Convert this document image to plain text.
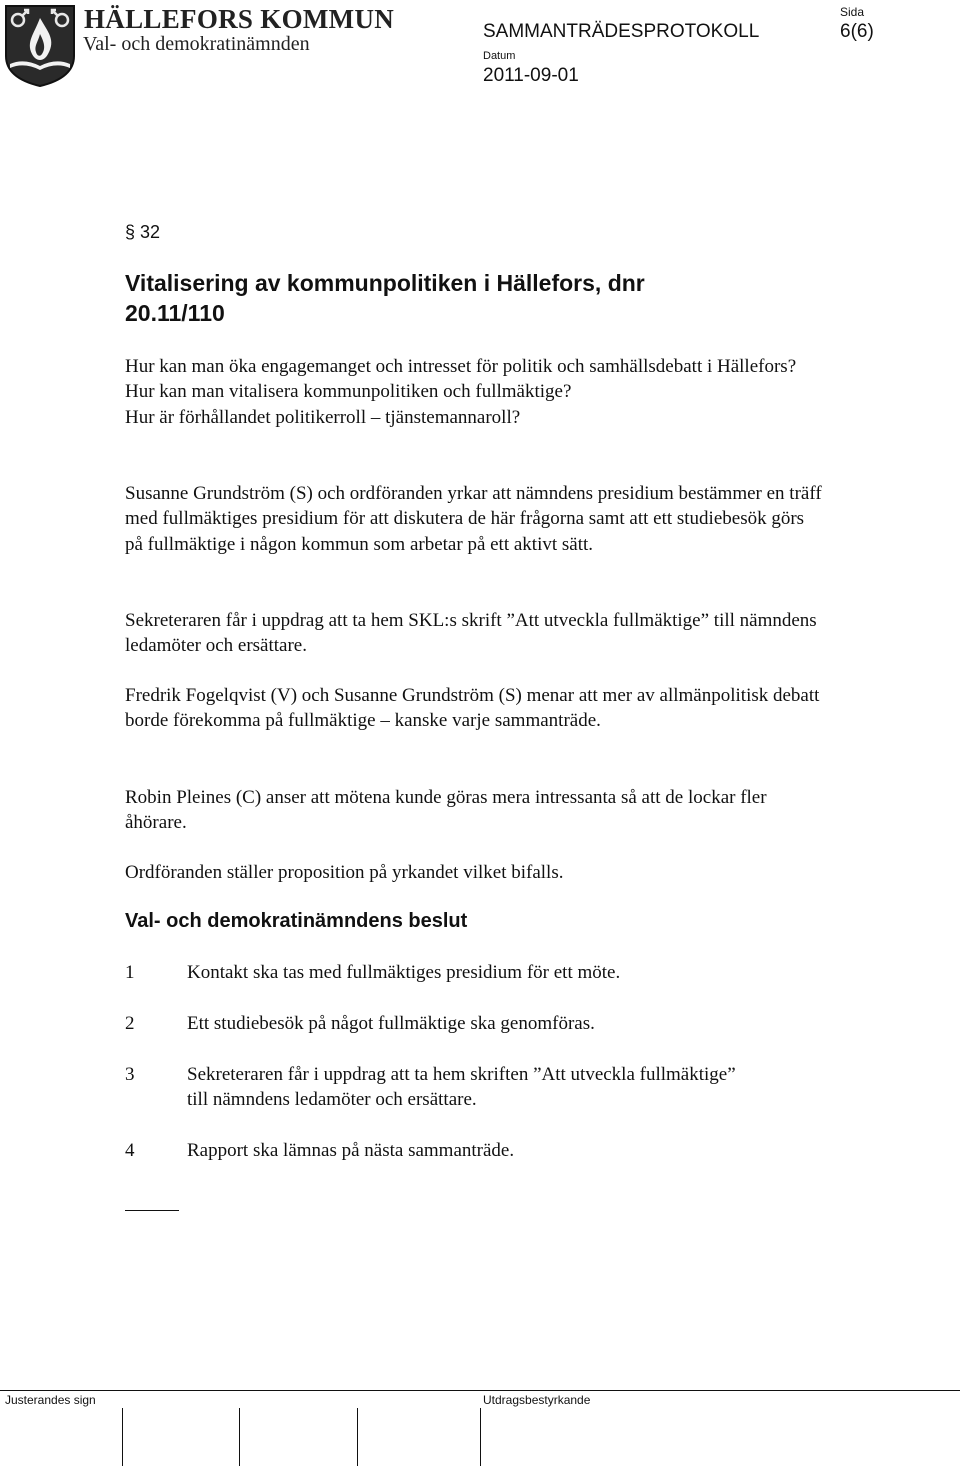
HÄLLEFORS KOMMUN
Val- och demokratinämnden
SAMMANTRÄDESPROTOKOLL
Datum
2011-09-01
Sida
6(6)
§ 32
Vitalisering av kommunpolitiken i Hällefors, dnr 20.11/110
Hur kan man öka engagemanget och intresset för politik och samhällsdebatt i Hällefors?
Hur kan man vitalisera kommunpolitiken och fullmäktige?
Hur är förhållandet politikerroll – tjänstemannaroll?
Susanne Grundström (S) och ordföranden yrkar att nämndens presidium bestämmer en träff med fullmäktiges presidium för att diskutera de här frågorna samt att ett studiebesök görs på fullmäktige i någon kommun som arbetar på ett aktivt sätt.
Sekreteraren får i uppdrag att ta hem SKL:s skrift ”Att utveckla fullmäktige” till nämndens ledamöter och ersättare.
Fredrik Fogelqvist (V) och Susanne Grundström (S) menar att mer av allmänpolitisk debatt borde förekomma på fullmäktige – kanske varje sammanträde.
Robin Pleines (C) anser att mötena kunde göras mera intressanta så att de lockar fler åhörare.
Ordföranden ställer proposition på yrkandet vilket bifalls.
Val- och demokratinämndens beslut
1	Kontakt ska tas med fullmäktiges presidium för ett möte.
2	Ett studiebesök på något fullmäktige ska genomföras.
3	Sekreteraren får i uppdrag att ta hem skriften ”Att utveckla fullmäktige” till nämndens ledamöter och ersättare.
4	Rapport ska lämnas på nästa sammanträde.
Justerandes sign	Utdragsbestyrkande
